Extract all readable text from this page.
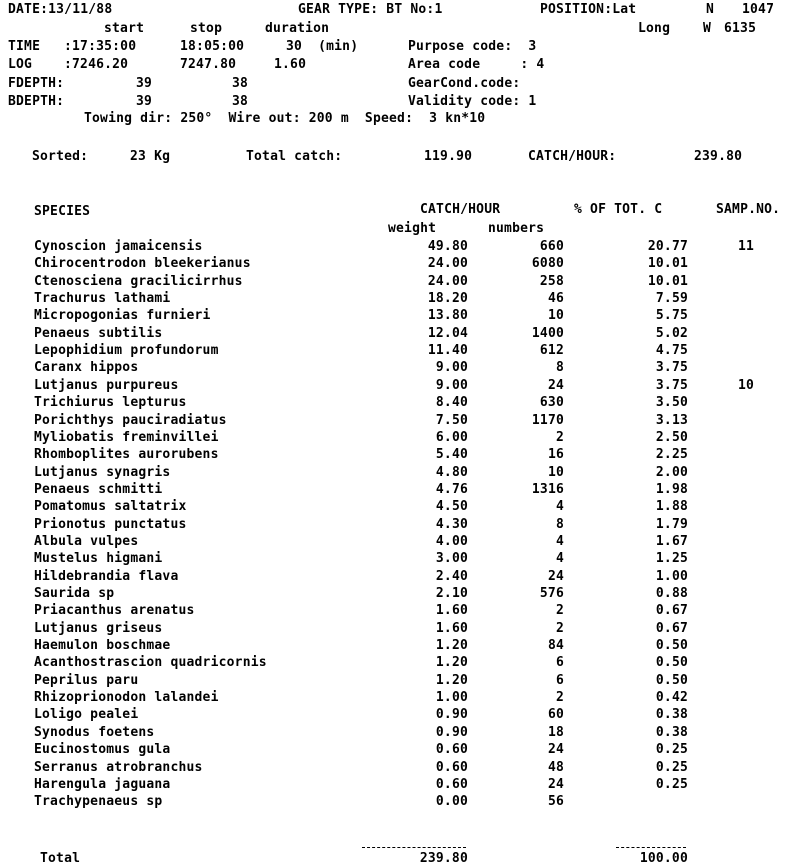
DATE:13/11/88	GEAR TYPE: BT No:1	POSITION:Lat	N 1047
start	stop	duration	Long	W 6135
TIME :17:35:00	18:05:00	30  (min)	Purpose code:  3
LOG :7246.20	7247.80	1.60	Area code     : 4
FDEPTH:	39	38	GearCond.code:
BDEPTH:	39	38	Validity code: 1
Towing dir: 250°  Wire out: 200 m  Speed:  3 kn*10
Sorted:	23 Kg	Total catch:	119.90	CATCH/HOUR:	239.80
SPECIES	CATCH/HOUR	% OF TOT. C	SAMP.NO.
weight	numbers
Cynoscion jamaicensis	49.80	660	20.77	11
Chirocentrodon bleekerianus	24.00	6080	10.01
Ctenosciena gracilicirrhus	24.00	258	10.01
Trachurus lathami	18.20	46	7.59
Micropogonias furnieri	13.80	10	5.75
Penaeus subtilis	12.04	1400	5.02
Lepophidium profundorum	11.40	612	4.75
Caranx hippos	9.00	8	3.75
Lutjanus purpureus	9.00	24	3.75	10
Trichiurus lepturus	8.40	630	3.50
Porichthys pauciradiatus	7.50	1170	3.13
Myliobatis freminvillei	6.00	2	2.50
Rhomboplites aurorubens	5.40	16	2.25
Lutjanus synagris	4.80	10	2.00
Penaeus schmitti	4.76	1316	1.98
Pomatomus saltatrix	4.50	4	1.88
Prionotus punctatus	4.30	8	1.79
Albula vulpes	4.00	4	1.67
Mustelus higmani	3.00	4	1.25
Hildebrandia flava	2.40	24	1.00
Saurida sp	2.10	576	0.88
Priacanthus arenatus	1.60	2	0.67
Lutjanus griseus	1.60	2	0.67
Haemulon boschmae	1.20	84	0.50
Acanthostrascion quadricornis	1.20	6	0.50
Peprilus paru	1.20	6	0.50
Rhizoprionodon lalandei	1.00	2	0.42
Loligo pealei	0.90	60	0.38
Synodus foetens	0.90	18	0.38
Eucinostomus gula	0.60	24	0.25
Serranus atrobranchus	0.60	48	0.25
Harengula jaguana	0.60	24	0.25
Trachypenaeus sp	0.00	56
Total	239.80	100.00
